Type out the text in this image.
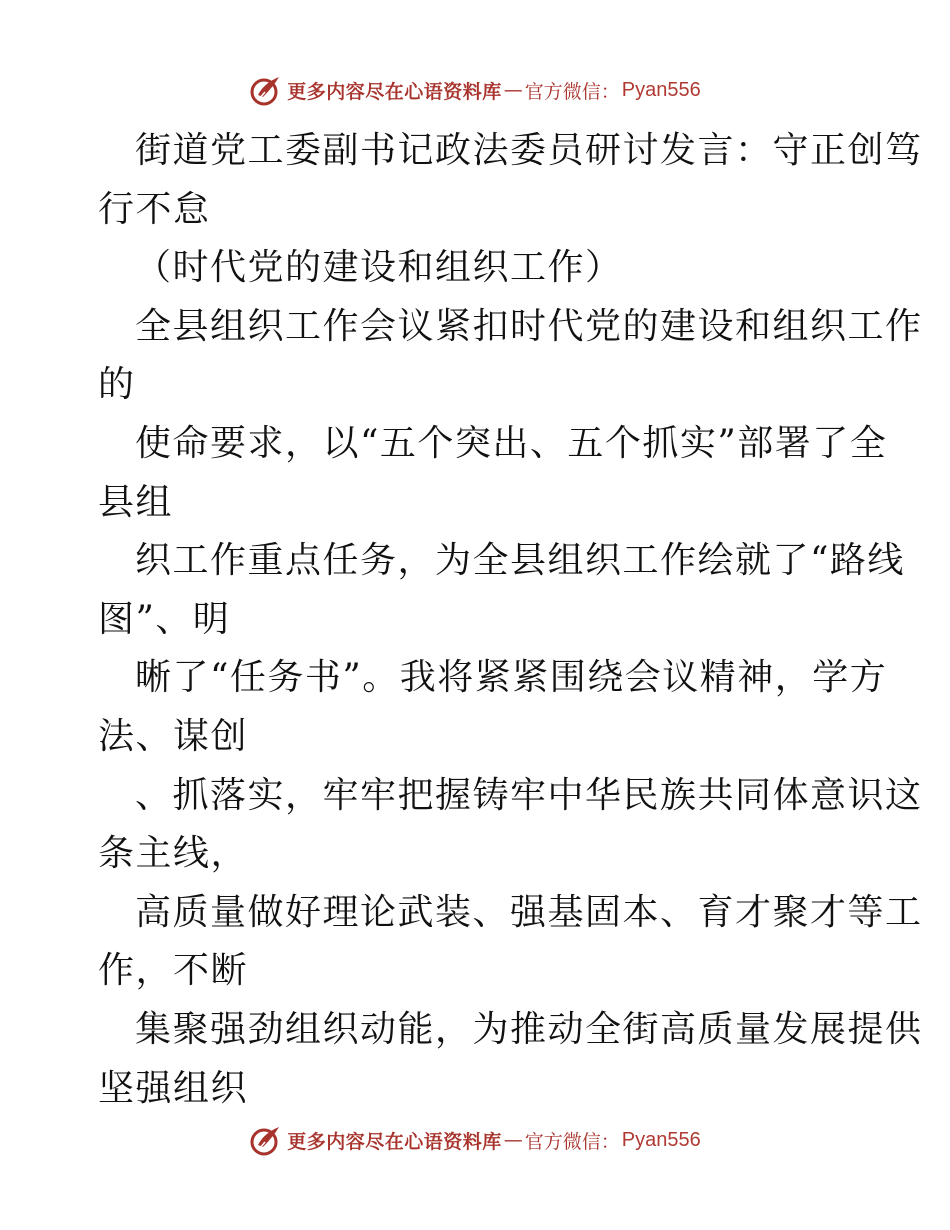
更多内容尽在心语资料库 — 官方微信： Pyan556
街道党工委副书记政法委员研讨发言：守正创笃
行不怠
（时代党的建设和组织工作）
全县组织工作会议紧扣时代党的建设和组织工作
的
使命要求，以“五个突出、五个抓实”部署了全
县组
织工作重点任务，为全县组织工作绘就了“路线
图”、明
晰了“任务书”。我将紧紧围绕会议精神，学方
法、谋创
、抓落实，牢牢把握铸牢中华民族共同体意识这
条主线，
高质量做好理论武装、强基固本、育才聚才等工
作，不断
集聚强劲组织动能，为推动全街高质量发展提供
坚强组织
更多内容尽在心语资料库 — 官方微信： Pyan556
